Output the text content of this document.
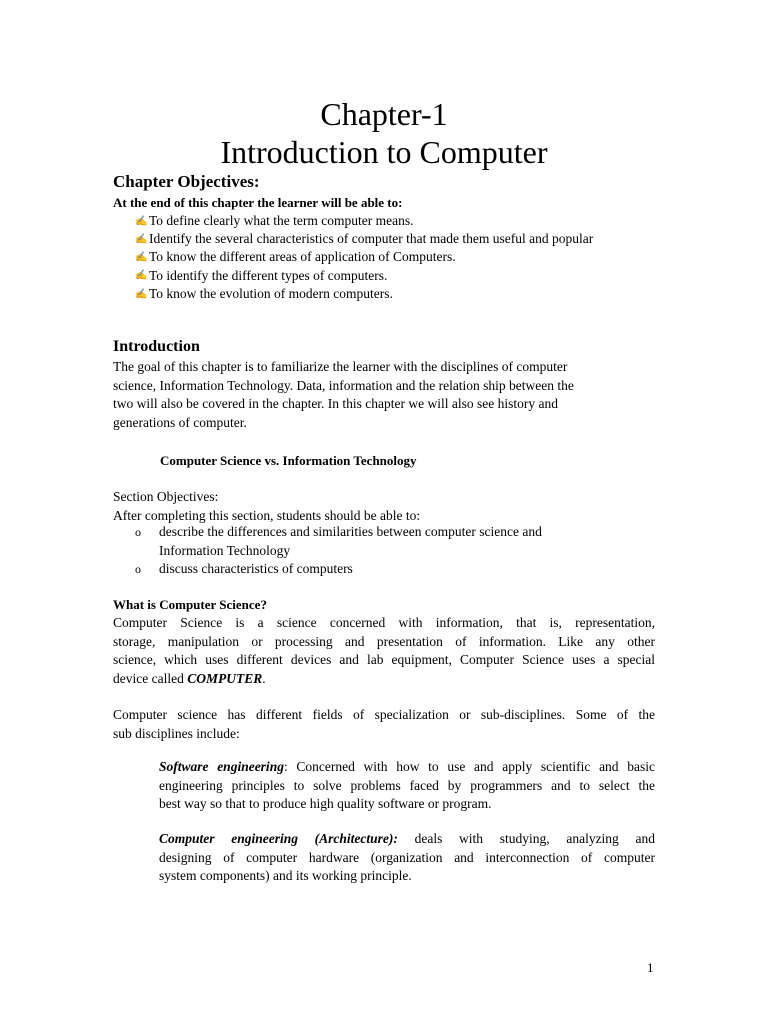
Chapter-1
Introduction to Computer
Chapter Objectives:
At the end of this chapter the learner will be able to:
✍ To define clearly what the term computer means.
✍ Identify the several characteristics of computer that made them useful and popular
✍ To know the different areas of application of Computers.
✍ To identify the different types of computers.
✍ To know the evolution of modern computers.
Introduction

The goal of this chapter is to familiarize the learner with the disciplines of computer

science, Information Technology. Data, information and the relation ship between the

two will also be covered in the chapter. In this chapter we will also see history and

generations of computer.

Computer Science vs. Information Technology

Section Objectives:

After completing this section, students should be able to:

o	describe the differences and similarities between computer science and
Information Technology
o	discuss characteristics of computers
What is Computer Science?

Computer Science is a science concerned with information, that is, representation,

storage, manipulation or processing and presentation of information. Like any other

science, which uses different devices and lab equipment, Computer Science uses a special

device called COMPUTER.

Computer science has different fields of specialization or sub-disciplines. Some of the

sub disciplines include:

Software engineering: Concerned with how to use and apply scientific and basic

engineering principles to solve problems faced by programmers and to select the

best way so that to produce high quality software or program.

Computer engineering (Architecture): deals with studying, analyzing and

designing of computer hardware (organization and interconnection of computer

system components) and its working principle.

1
